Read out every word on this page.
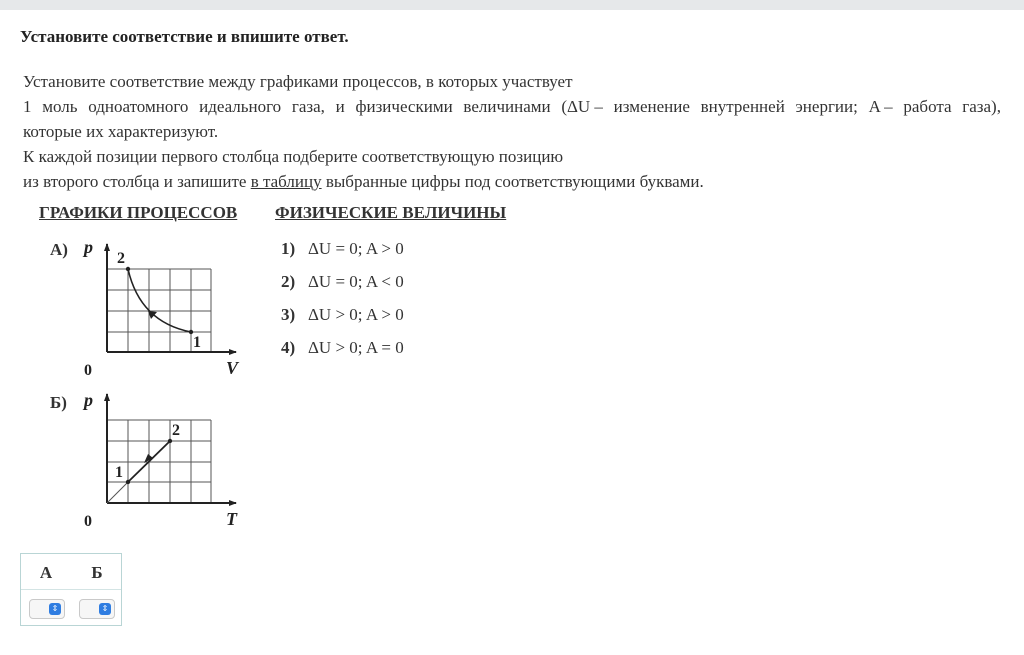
Установите соответствие и впишите ответ.
Установите соответствие между графиками процессов, в которых участвует
1 моль одноатомного идеального газа, и физическими величинами (ΔU – изменение внутренней энергии; A – работа газа),
которые их характеризуют.
К каждой позиции первого столбца подберите соответствующую позицию
из второго столбца и запишите в таблицу выбранные цифры под соответствующими буквами.
ГРАФИКИ ПРОЦЕССОВ ФИЗИЧЕСКИЕ ВЕЛИЧИНЫ
А) p
0	V
2
1
Б) p
0	T
1
2
1) ΔU = 0; A > 0
2) ΔU = 0; A < 0
3) ΔU > 0; A > 0
4) ΔU > 0; A = 0
А	Б
⇕	⇕
